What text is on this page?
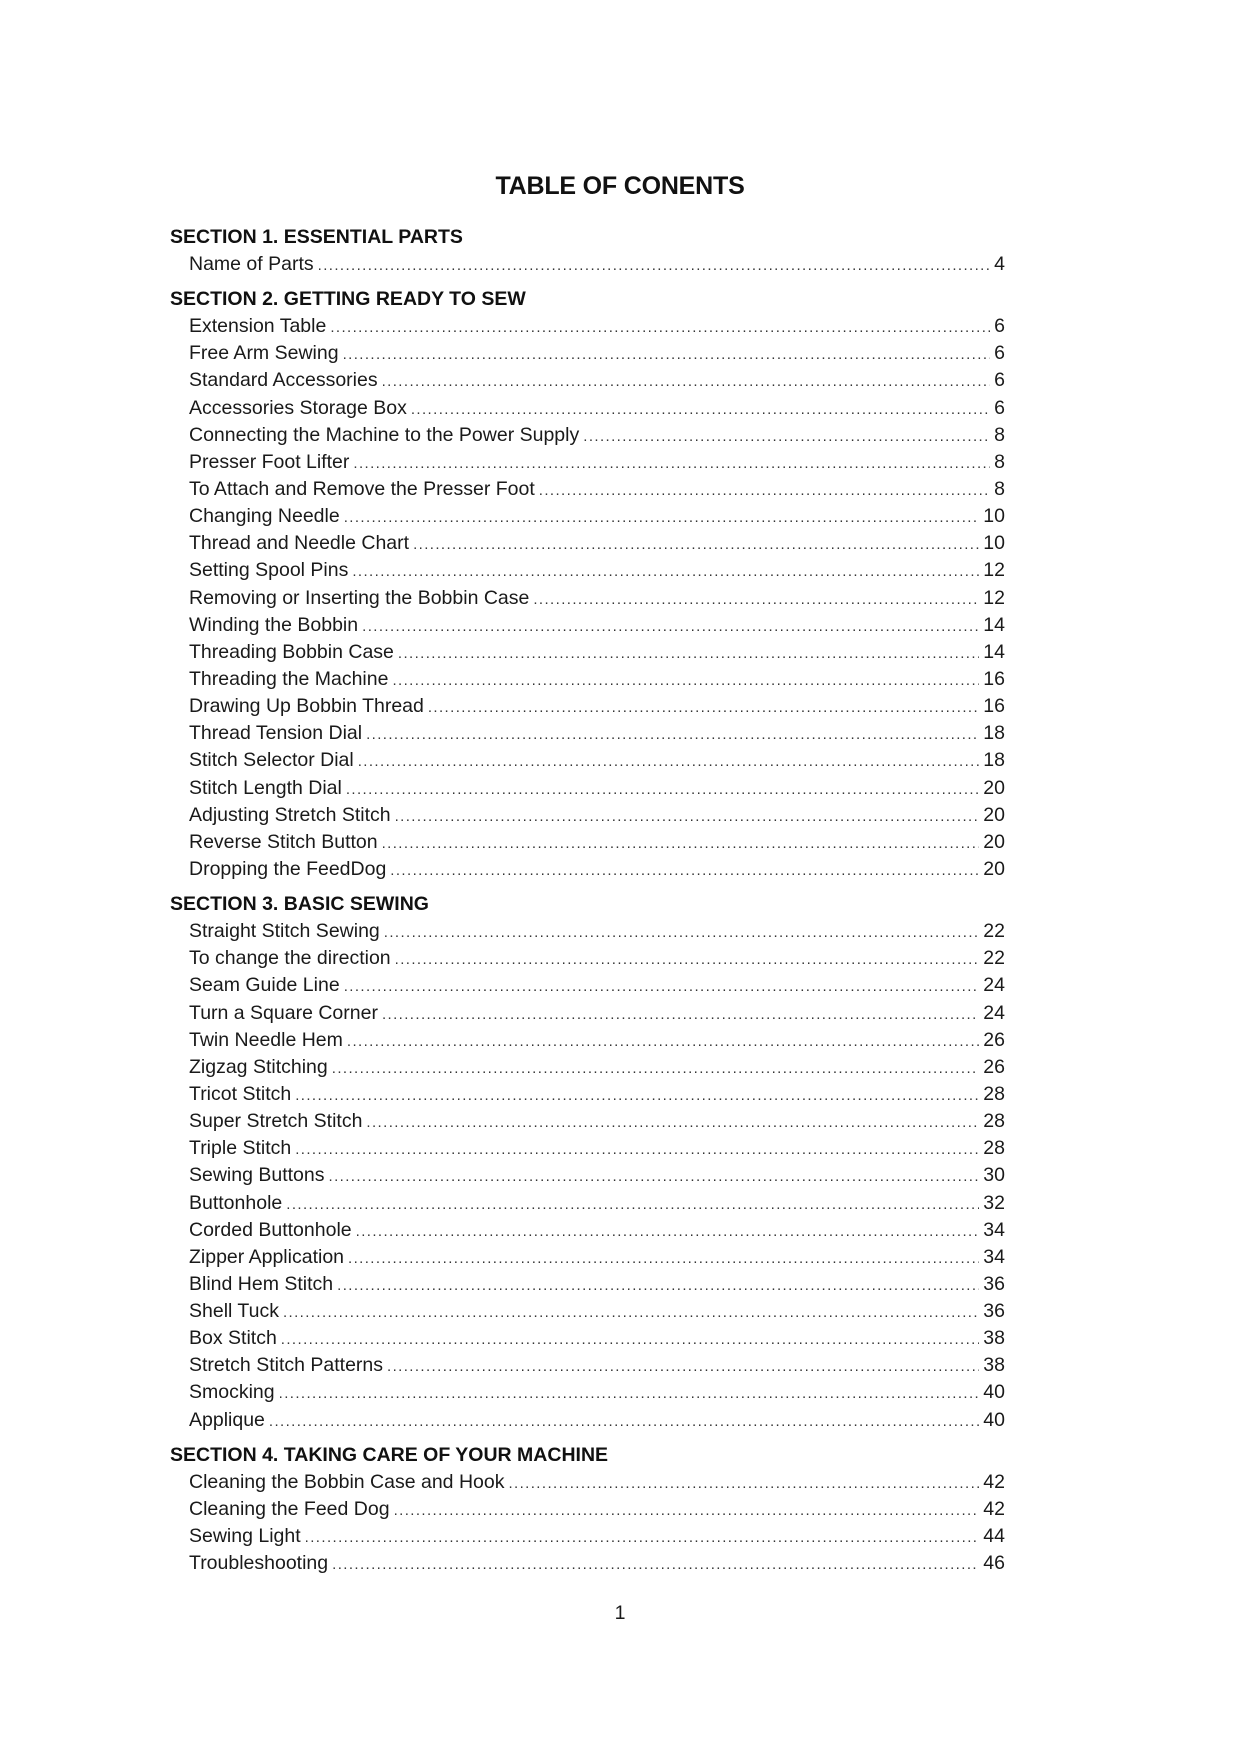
TABLE OF CONENTS
SECTION 1. ESSENTIAL PARTS
Name of Parts .....	4
SECTION 2. GETTING READY TO SEW
Extension Table .....	6
Free Arm Sewing .....	6
Standard Accessories .....	6
Accessories Storage Box .....	6
Connecting the Machine to the Power Supply .....	8
Presser Foot Lifter .....	8
To Attach and Remove the Presser Foot .....	8
Changing Needle .....	10
Thread and Needle Chart .....	10
Setting Spool Pins .....	12
Removing or Inserting the Bobbin Case .....	12
Winding the Bobbin .....	14
Threading Bobbin Case .....	14
Threading the Machine .....	16
Drawing Up Bobbin Thread .....	16
Thread Tension Dial .....	18
Stitch Selector Dial .....	18
Stitch Length Dial .....	20
Adjusting Stretch Stitch .....	20
Reverse Stitch Button .....	20
Dropping the FeedDog .....	20
SECTION 3. BASIC SEWING
Straight Stitch Sewing .....	22
To change the direction .....	22
Seam Guide Line .....	24
Turn a Square Corner .....	24
Twin Needle Hem .....	26
Zigzag Stitching .....	26
Tricot Stitch .....	28
Super Stretch Stitch .....	28
Triple Stitch .....	28
Sewing Buttons .....	30
Buttonhole .....	32
Corded Buttonhole .....	34
Zipper Application .....	34
Blind Hem Stitch .....	36
Shell Tuck .....	36
Box Stitch .....	38
Stretch Stitch Patterns .....	38
Smocking .....	40
Applique .....	40
SECTION 4. TAKING CARE OF YOUR MACHINE
Cleaning the Bobbin Case and Hook .....	42
Cleaning the Feed Dog .....	42
Sewing Light .....	44
Troubleshooting .....	46
1
